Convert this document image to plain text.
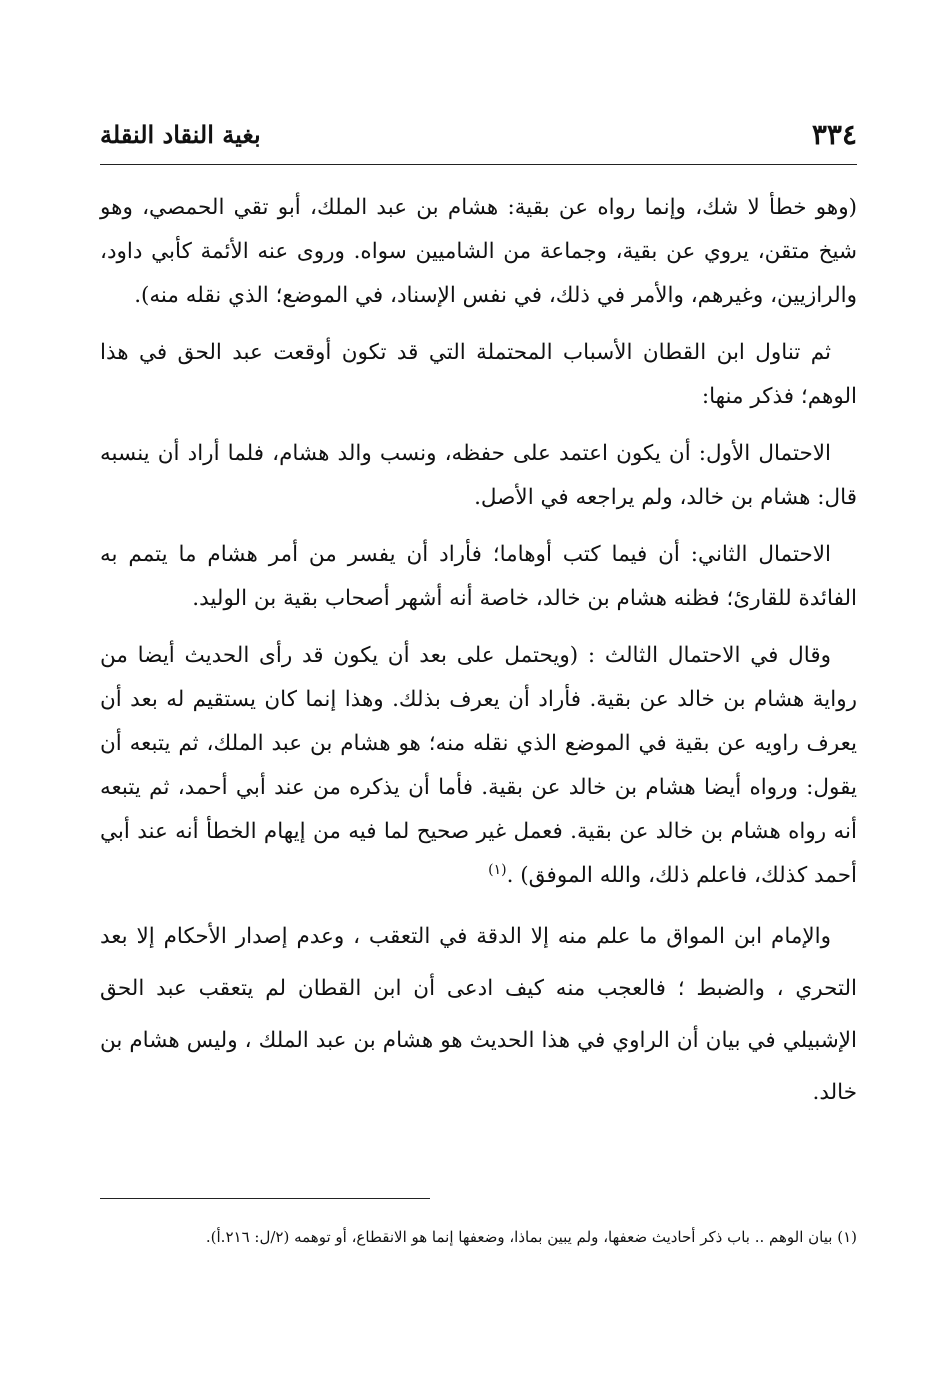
٣٣٤
بغية النقاد النقلة

(وهو خطأ لا شك، وإنما رواه عن بقية: هشام بن عبد الملك، أبو تقي الحمصي، وهو شيخ متقن، يروي عن بقية، وجماعة من الشاميين سواه. وروى عنه الأئمة كأبي داود، والرازيين، وغيرهم، والأمر في ذلك، في نفس الإسناد، في الموضع؛ الذي نقله منه).

ثم تناول ابن القطان الأسباب المحتملة التي قد تكون أوقعت عبد الحق في هذا الوهم؛ فذكر منها:

الاحتمال الأول: أن يكون اعتمد على حفظه، ونسب والد هشام، فلما أراد أن ينسبه قال: هشام بن خالد، ولم يراجعه في الأصل.

الاحتمال الثاني: أن فيما كتب أوهاما؛ فأراد أن يفسر من أمر هشام ما يتمم به الفائدة للقارئ؛ فظنه هشام بن خالد، خاصة أنه أشهر أصحاب بقية بن الوليد.

وقال في الاحتمال الثالث : (ويحتمل على بعد أن يكون قد رأى الحديث أيضا من رواية هشام بن خالد عن بقية. فأراد أن يعرف بذلك. وهذا إنما كان يستقيم له بعد أن يعرف راويه عن بقية في الموضع الذي نقله منه؛ هو هشام بن عبد الملك، ثم يتبعه أن يقول: ورواه أيضا هشام بن خالد عن بقية. فأما أن يذكره من عند أبي أحمد، ثم يتبعه أنه رواه هشام بن خالد عن بقية. فعمل غير صحيح لما فيه من إيهام الخطأ أنه عند أبي أحمد كذلك، فاعلم ذلك، والله الموفق) .$^{(١)}$

والإمام ابن المواق ما علم منه إلا الدقة في التعقب ، وعدم إصدار الأحكام إلا بعد التحري ، والضبط ؛ فالعجب منه كيف ادعى أن ابن القطان لم يتعقب عبد الحق الإشبيلي في بيان أن الراوي في هذا الحديث هو هشام بن عبد الملك ، وليس هشام بن خالد.

(١) بيان الوهم .. باب ذكر أحاديث ضعفها، ولم يبين بماذا، وضعفها إنما هو الانقطاع، أو توهمه (٢/ل: ٢١٦.أ).
